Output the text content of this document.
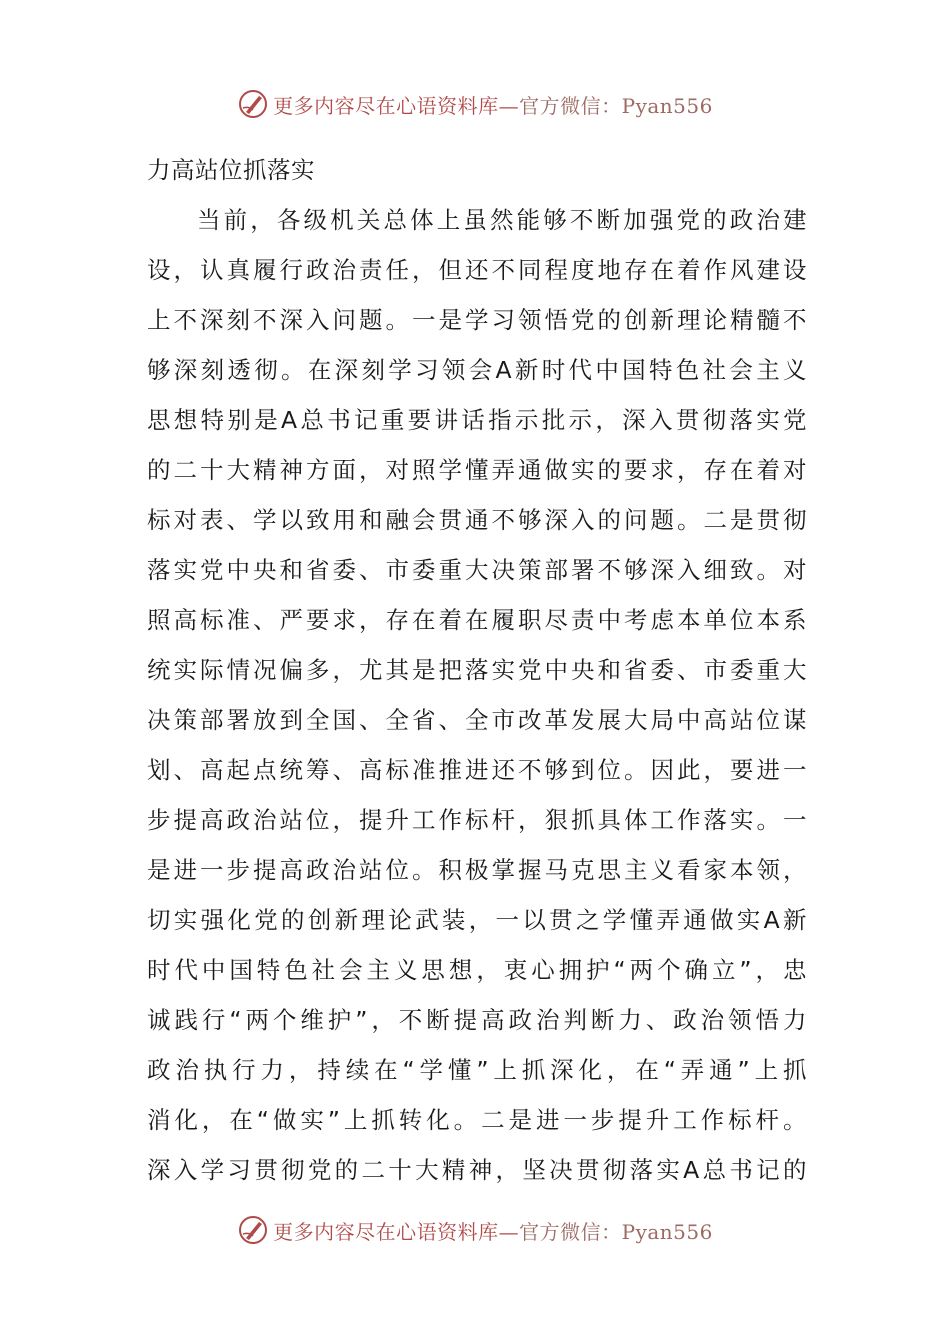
更多内容尽在心语资料库—官方微信：Pyan556
力高站位抓落实
当前，各级机关总体上虽然能够不断加强党的政治建
设，认真履行政治责任，但还不同程度地存在着作风建设
上不深刻不深入问题。一是学习领悟党的创新理论精髓不
够深刻透彻。在深刻学习领会A新时代中国特色社会主义
思想特别是A总书记重要讲话指示批示，深入贯彻落实党
的二十大精神方面，对照学懂弄通做实的要求，存在着对
标对表、学以致用和融会贯通不够深入的问题。二是贯彻
落实党中央和省委、市委重大决策部署不够深入细致。对
照高标准、严要求，存在着在履职尽责中考虑本单位本系
统实际情况偏多，尤其是把落实党中央和省委、市委重大
决策部署放到全国、全省、全市改革发展大局中高站位谋
划、高起点统筹、高标准推进还不够到位。因此，要进一
步提高政治站位，提升工作标杆，狠抓具体工作落实。一
是进一步提高政治站位。积极掌握马克思主义看家本领，
切实强化党的创新理论武装，一以贯之学懂弄通做实A新
时代中国特色社会主义思想，衷心拥护“两个确立”，忠
诚践行“两个维护”，不断提高政治判断力、政治领悟力
政治执行力，持续在“学懂”上抓深化，在“弄通”上抓
消化，在“做实”上抓转化。二是进一步提升工作标杆。
深入学习贯彻党的二十大精神，坚决贯彻落实A总书记的
更多内容尽在心语资料库—官方微信：Pyan556
